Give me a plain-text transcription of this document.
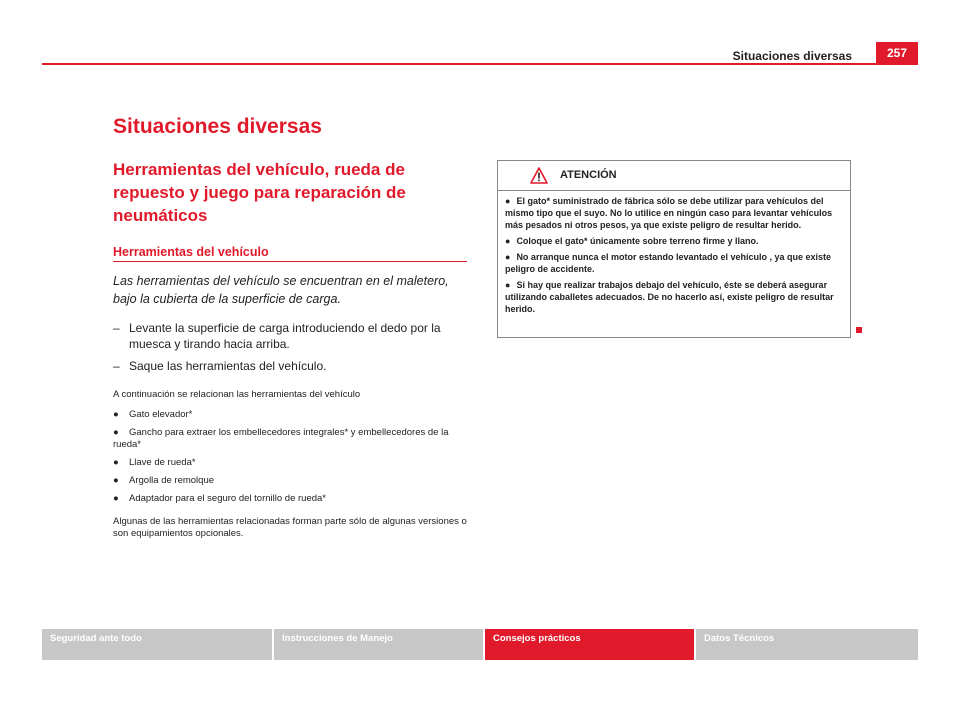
Situaciones diversas	257
Situaciones diversas
Herramientas del vehículo, rueda de repuesto y juego para reparación de neumáticos
Herramientas del vehículo
Las herramientas del vehículo se encuentran en el maletero, bajo la cubierta de la superficie de carga.
– Levante la superficie de carga introduciendo el dedo por la muesca y tirando hacia arriba.
– Saque las herramientas del vehículo.
A continuación se relacionan las herramientas del vehículo
● Gato elevador*
● Gancho para extraer los embellecedores integrales* y embellecedores de la rueda*
● Llave de rueda*
● Argolla de remolque
● Adaptador para el seguro del tornillo de rueda*
Algunas de las herramientas relacionadas forman parte sólo de algunas versiones o son equipamientos opcionales.
ATENCIÓN
● El gato* suministrado de fábrica sólo se debe utilizar para vehículos del mismo tipo que el suyo. No lo utilice en ningún caso para levantar vehículos más pesados ni otros pesos, ya que existe peligro de resultar herido.
● Coloque el gato* únicamente sobre terreno firme y llano.
● No arranque nunca el motor estando levantado el vehículo , ya que existe peligro de accidente.
● Si hay que realizar trabajos debajo del vehículo, éste se deberá asegurar utilizando caballetes adecuados. De no hacerlo así, existe peligro de resultar herido.
Seguridad ante todo	Instrucciones de Manejo	Consejos prácticos	Datos Técnicos
